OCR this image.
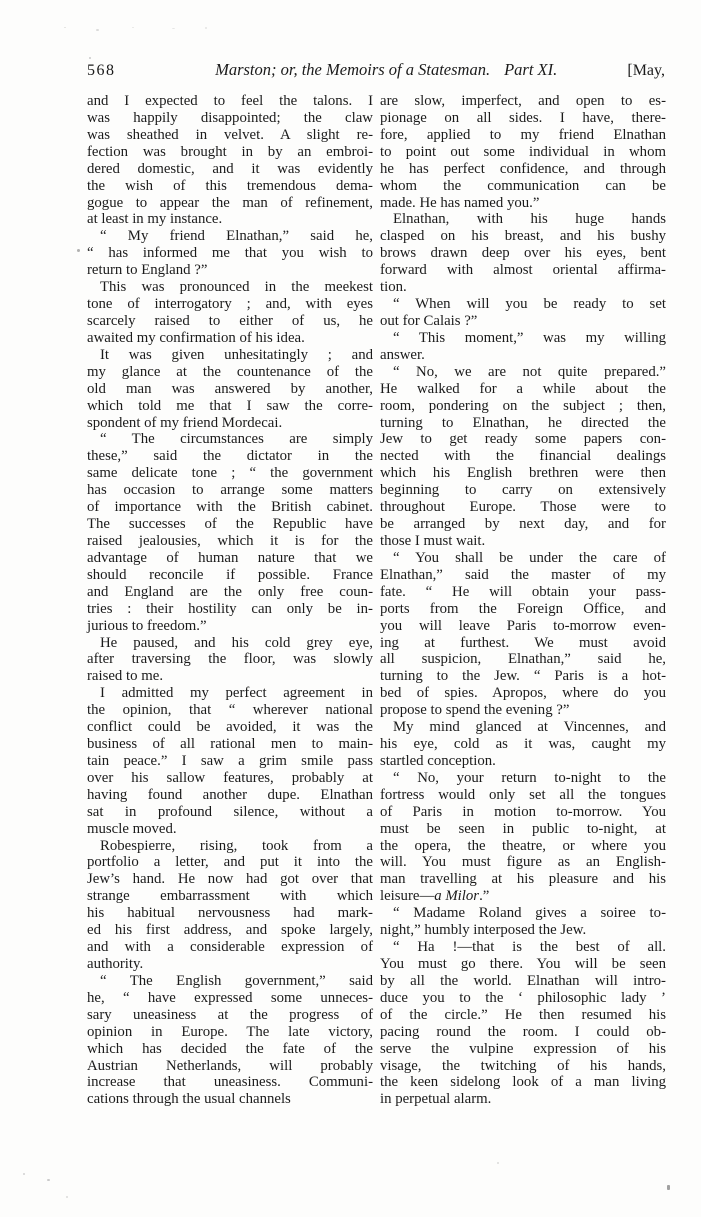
568	Marston; or, the Memoirs of a Statesman. Part XI.	[May,
and I expected to feel the talons. I
was happily disappointed; the claw
was sheathed in velvet. A slight re-
fection was brought in by an embroi-
dered domestic, and it was evidently
the wish of this tremendous dema-
gogue to appear the man of refinement,
at least in my instance.
“ My friend Elnathan,” said he,
“ has informed me that you wish to
return to England ?”
This was pronounced in the meekest
tone of interrogatory ; and, with eyes
scarcely raised to either of us, he
awaited my confirmation of his idea.
It was given unhesitatingly ; and
my glance at the countenance of the
old man was answered by another,
which told me that I saw the corre-
spondent of my friend Mordecai.
“ The circumstances are simply
these,” said the dictator in the
same delicate tone ; “ the government
has occasion to arrange some matters
of importance with the British cabinet.
The successes of the Republic have
raised jealousies, which it is for the
advantage of human nature that we
should reconcile if possible. France
and England are the only free coun-
tries : their hostility can only be in-
jurious to freedom.”
He paused, and his cold grey eye,
after traversing the floor, was slowly
raised to me.
I admitted my perfect agreement in
the opinion, that “ wherever national
conflict could be avoided, it was the
business of all rational men to main-
tain peace.” I saw a grim smile pass
over his sallow features, probably at
having found another dupe. Elnathan
sat in profound silence, without a
muscle moved.
Robespierre, rising, took from a
portfolio a letter, and put it into the
Jew’s hand. He now had got over that
strange embarrassment with which
his habitual nervousness had mark-
ed his first address, and spoke largely,
and with a considerable expression of
authority.
“ The English government,” said
he, “ have expressed some unneces-
sary uneasiness at the progress of
opinion in Europe. The late victory,
which has decided the fate of the
Austrian Netherlands, will probably
increase that uneasiness. Communi-
cations through the usual channels
are slow, imperfect, and open to es-
pionage on all sides. I have, there-
fore, applied to my friend Elnathan
to point out some individual in whom
he has perfect confidence, and through
whom the communication can be
made. He has named you.”
Elnathan, with his huge hands
clasped on his breast, and his bushy
brows drawn deep over his eyes, bent
forward with almost oriental affirma-
tion.
“ When will you be ready to set
out for Calais ?”
“ This moment,” was my willing
answer.
“ No, we are not quite prepared.”
He walked for a while about the
room, pondering on the subject ; then,
turning to Elnathan, he directed the
Jew to get ready some papers con-
nected with the financial dealings
which his English brethren were then
beginning to carry on extensively
throughout Europe. Those were to
be arranged by next day, and for
those I must wait.
“ You shall be under the care of
Elnathan,” said the master of my
fate. “ He will obtain your pass-
ports from the Foreign Office, and
you will leave Paris to-morrow even-
ing at furthest. We must avoid
all suspicion, Elnathan,” said he,
turning to the Jew. “ Paris is a hot-
bed of spies. Apropos, where do you
propose to spend the evening ?”
My mind glanced at Vincennes, and
his eye, cold as it was, caught my
startled conception.
“ No, your return to-night to the
fortress would only set all the tongues
of Paris in motion to-morrow. You
must be seen in public to-night, at
the opera, the theatre, or where you
will. You must figure as an English-
man travelling at his pleasure and his
leisure—a Milor.”
“ Madame Roland gives a soiree to-
night,” humbly interposed the Jew.
“ Ha !—that is the best of all.
You must go there. You will be seen
by all the world. Elnathan will intro-
duce you to the ‘ philosophic lady ’
of the circle.” He then resumed his
pacing round the room. I could ob-
serve the vulpine expression of his
visage, the twitching of his hands,
the keen sidelong look of a man living
in perpetual alarm.
